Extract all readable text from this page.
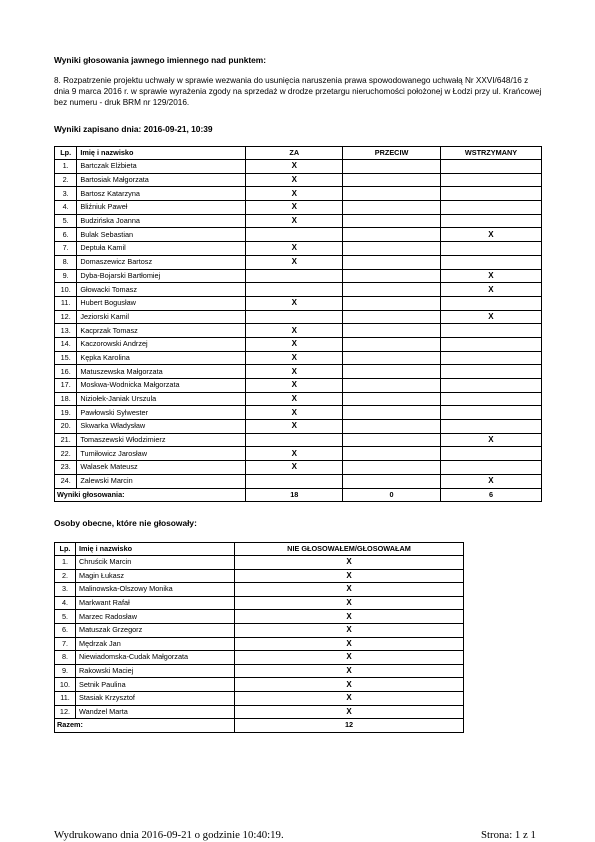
Wyniki głosowania jawnego imiennego nad punktem:
8. Rozpatrzenie projektu uchwały w sprawie wezwania do usunięcia naruszenia prawa spowodowanego uchwałą Nr XXVI/648/16 z dnia 9 marca 2016 r. w sprawie wyrażenia zgody na sprzedaż w drodze przetargu nieruchomości położonej w Łodzi przy ul. Krańcowej bez numeru - druk BRM nr 129/2016.
Wyniki zapisano dnia: 2016-09-21, 10:39
Lp.	Imię i nazwisko	ZA	PRZECIW	WSTRZYMANY
1.	Bartczak Elżbieta	X		
2.	Bartosiak Małgorzata	X		
3.	Bartosz Katarzyna	X		
4.	Bliźniuk Paweł	X		
5.	Budzińska Joanna	X		
6.	Bulak Sebastian			X
7.	Deptuła Kamil	X		
8.	Domaszewicz Bartosz	X		
9.	Dyba-Bojarski Bartłomiej			X
10.	Głowacki Tomasz			X
11.	Hubert Bogusław	X		
12.	Jeziorski Kamil			X
13.	Kacprzak Tomasz	X		
14.	Kaczorowski Andrzej	X		
15.	Kępka Karolina	X		
16.	Matuszewska Małgorzata	X		
17.	Moskwa-Wodnicka Małgorzata	X		
18.	Niziołek-Janiak Urszula	X		
19.	Pawłowski Sylwester	X		
20.	Skwarka Władysław	X		
21.	Tomaszewski Włodzimierz			X
22.	Tumiłowicz Jarosław	X		
23.	Walasek Mateusz	X		
24.	Zalewski Marcin			X
Wyniki głosowania:		18	0	6
Osoby obecne, które nie głosowały:
Lp.	Imię i nazwisko	NIE GŁOSOWAŁEM/GŁOSOWAŁAM
1.	Chruścik Marcin	X
2.	Magin Łukasz	X
3.	Malinowska-Olszowy Monika	X
4.	Markwant Rafał	X
5.	Marzec Radosław	X
6.	Matuszak Grzegorz	X
7.	Mędrzak Jan	X
8.	Niewiadomska-Cudak Małgorzata	X
9.	Rakowski Maciej	X
10.	Setnik Paulina	X
11.	Stasiak Krzysztof	X
12.	Wandzel Marta	X
Razem:		12
Wydrukowano dnia 2016-09-21 o godzinie 10:40:19.	Strona: 1 z 1
